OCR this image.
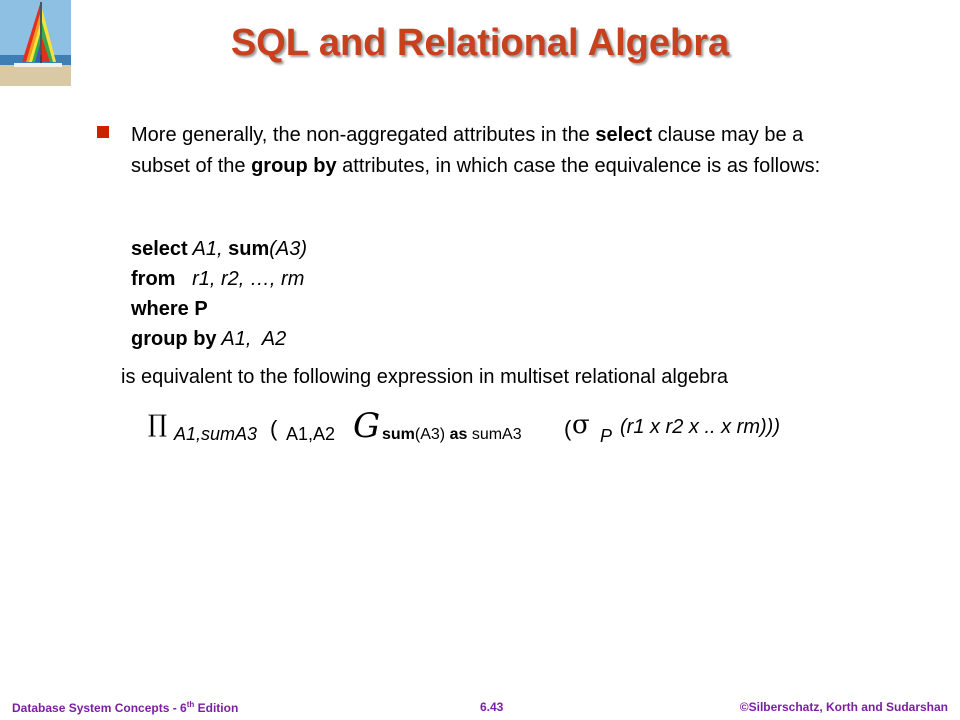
SQL and Relational Algebra

More generally, the non-aggregated attributes in the select clause may be a subset of the group by attributes, in which case the equivalence is as follows:

select A1, sum(A3)
from   r1, r2, …, rm
where P
group by A1,  A2
is equivalent to the following expression in multiset relational algebra
∏ A1,sumA3 ( A1,A2 G sum(A3) as sumA3 ( σ P (r1 x r2 x .. x rm)))
Database System Concepts - 6th Edition	6.43	©Silberschatz, Korth and Sudarshan
